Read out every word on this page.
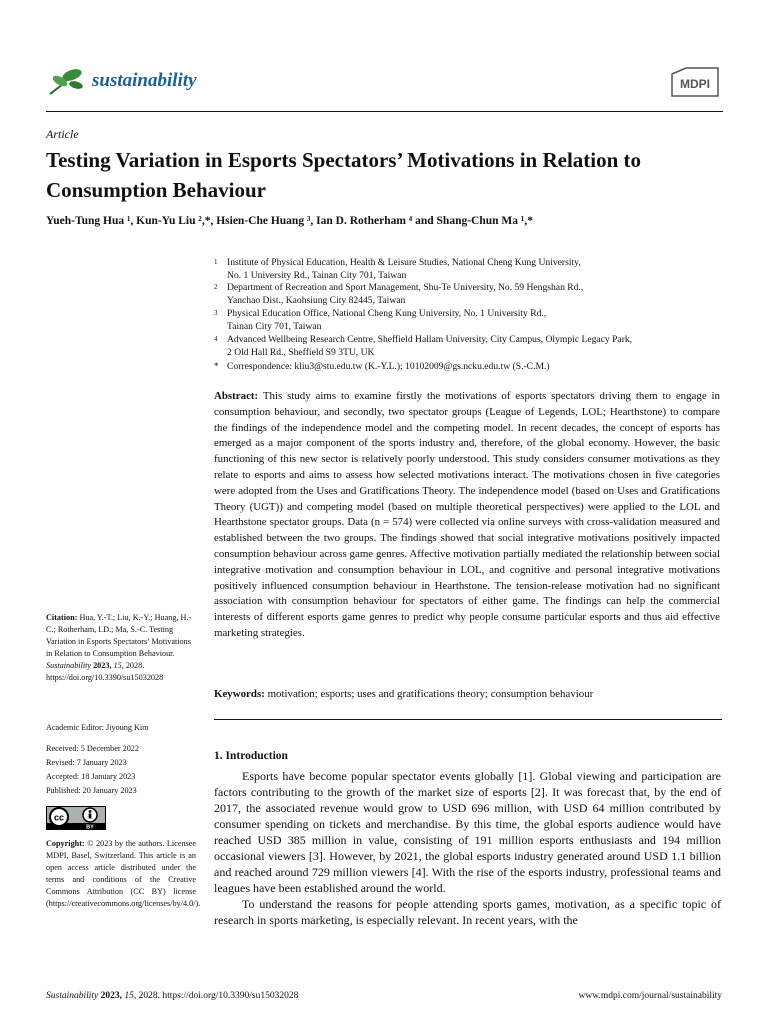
sustainability	MDPI
Article
Testing Variation in Esports Spectators’ Motivations in Relation to Consumption Behaviour
Yueh-Tung Hua ¹, Kun-Yu Liu ²,*, Hsien-Che Huang ³, Ian D. Rotherham ⁴ and Shang-Chun Ma ¹,*
1 Institute of Physical Education, Health & Leisure Studies, National Cheng Kung University,
No. 1 University Rd., Tainan City 701, Taiwan
2 Department of Recreation and Sport Management, Shu-Te University, No. 59 Hengshan Rd.,
Yanchao Dist., Kaohsiung City 82445, Taiwan
3 Physical Education Office, National Cheng Kung University, No. 1 University Rd.,
Tainan City 701, Taiwan
4 Advanced Wellbeing Research Centre, Sheffield Hallam University, City Campus, Olympic Legacy Park,
2 Old Hall Rd., Sheffield S9 3TU, UK
* Correspondence: kliu3@stu.edu.tw (K.-Y.L.); 10102009@gs.ncku.edu.tw (S.-C.M.)
Abstract: This study aims to examine firstly the motivations of esports spectators driving them to engage in consumption behaviour, and secondly, two spectator groups (League of Legends, LOL; Hearthstone) to compare the findings of the independence model and the competing model. In recent decades, the concept of esports has emerged as a major component of the sports industry and, therefore, of the global economy. However, the basic functioning of this new sector is relatively poorly understood. This study considers consumer motivations as they relate to esports and aims to assess how selected motivations interact. The motivations chosen in five categories were adopted from the Uses and Gratifications Theory. The independence model (based on Uses and Gratifications Theory (UGT)) and competing model (based on multiple theoretical perspectives) were applied to the LOL and Hearthstone spectator groups. Data (n = 574) were collected via online surveys with cross-validation measured and established between the two groups. The findings showed that social integrative motivations positively impacted consumption behaviour across game genres. Affective motivation partially mediated the relationship between social integrative motivation and consumption behaviour in LOL, and cognitive and personal integrative motivations positively influenced consumption behaviour in Hearthstone. The tension-release motivation had no significant association with consumption behaviour for spectators of either game. The findings can help the commercial interests of different esports game genres to predict why people consume particular esports and thus aid effective marketing strategies.
Keywords: motivation; esports; uses and gratifications theory; consumption behaviour
Citation: Hua, Y.-T.; Liu, K.-Y.; Huang, H.-C.; Rotherham, I.D.; Ma, S.-C. Testing Variation in Esports Spectators’ Motivations in Relation to Consumption Behaviour. Sustainability 2023, 15, 2028. https://doi.org/10.3390/su15032028
Academic Editor: Jiyoung Kim
Received: 5 December 2022
Revised: 7 January 2023
Accepted: 18 January 2023
Published: 20 January 2023
cc
BY
Copyright: © 2023 by the authors. Licensee MDPI, Basel, Switzerland. This article is an open access article distributed under the terms and conditions of the Creative Commons Attribution (CC BY) license (https://creativecommons.org/licenses/by/4.0/).
1. Introduction

Esports have become popular spectator events globally [1]. Global viewing and participation are factors contributing to the growth of the market size of esports [2]. It was forecast that, by the end of 2017, the associated revenue would grow to USD 696 million, with USD 64 million contributed by consumer spending on tickets and merchandise. By this time, the global esports audience would have reached USD 385 million in value, consisting of 191 million esports enthusiasts and 194 million occasional viewers [3]. However, by 2021, the global esports industry generated around USD 1.1 billion and reached around 729 million viewers [4]. With the rise of the esports industry, professional teams and leagues have been established around the world.

To understand the reasons for people attending sports games, motivation, as a specific topic of research in sports marketing, is especially relevant. In recent years, with the

Sustainability 2023, 15, 2028. https://doi.org/10.3390/su15032028	www.mdpi.com/journal/sustainability
